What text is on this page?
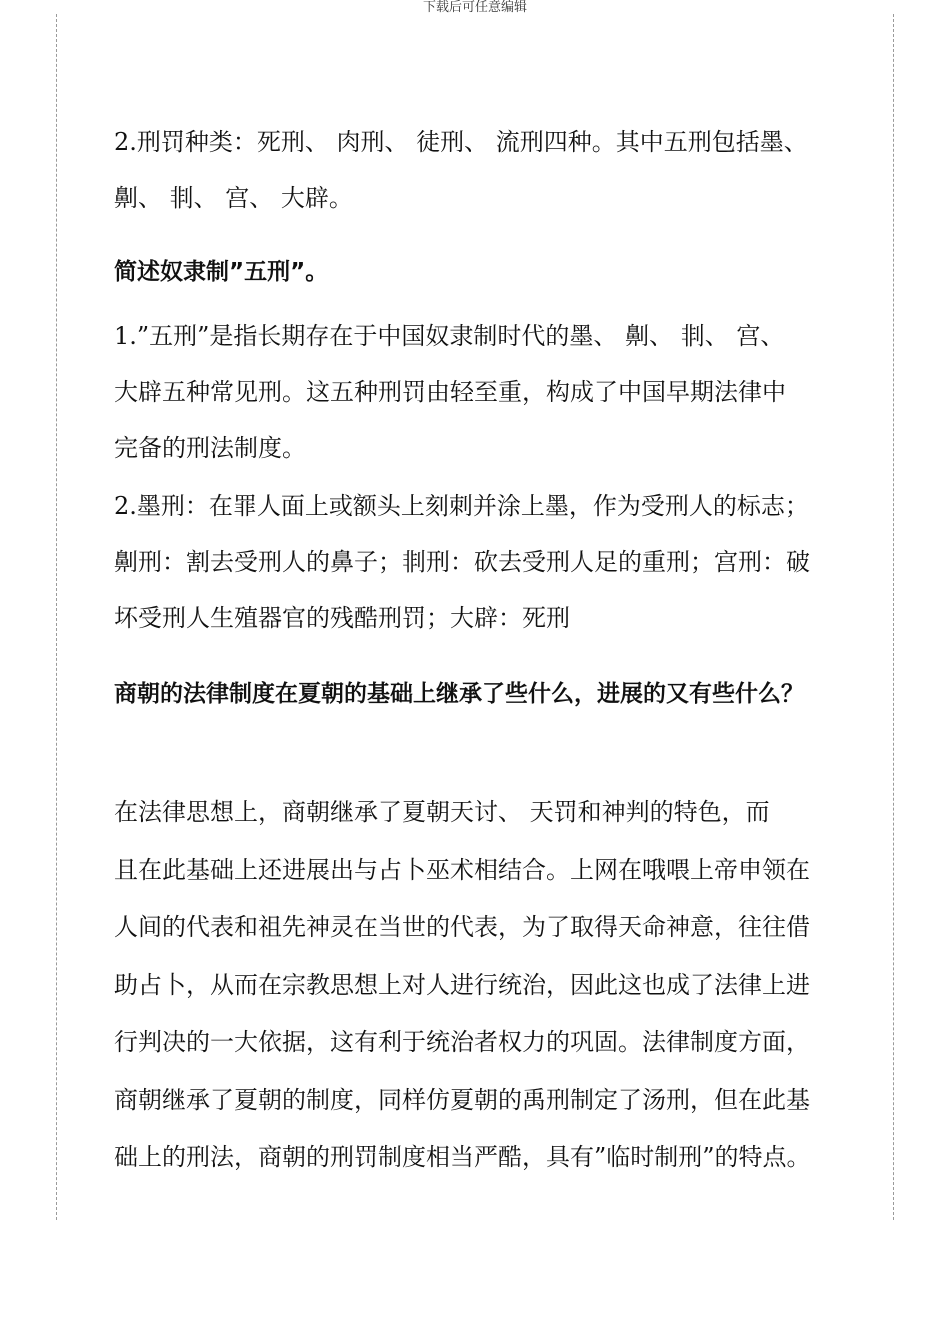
下载后可任意编辑
2.刑罚种类：死刑、 肉刑、 徒刑、 流刑四种。其中五刑包括墨、
劓、 剕、 宫、 大辟。
简述奴隶制”五刑”。
1.”五刑”是指长期存在于中国奴隶制时代的墨、 劓、 剕、 宫、
大辟五种常见刑。这五种刑罚由轻至重，构成了中国早期法律中
完备的刑法制度。
2.墨刑：在罪人面上或额头上刻刺并涂上墨，作为受刑人的标志；
劓刑：割去受刑人的鼻子；剕刑：砍去受刑人足的重刑；宫刑：破
坏受刑人生殖器官的残酷刑罚；大辟：死刑
商朝的法律制度在夏朝的基础上继承了些什么，进展的又有些什么？
在法律思想上，商朝继承了夏朝天讨、 天罚和神判的特色，而
且在此基础上还进展出与占卜巫术相结合。上网在哦喂上帝申领在
人间的代表和祖先神灵在当世的代表，为了取得天命神意，往往借
助占卜，从而在宗教思想上对人进行统治，因此这也成了法律上进
行判决的一大依据，这有利于统治者权力的巩固。法律制度方面，
商朝继承了夏朝的制度，同样仿夏朝的禹刑制定了汤刑，但在此基
础上的刑法，商朝的刑罚制度相当严酷，具有”临时制刑”的特点。
